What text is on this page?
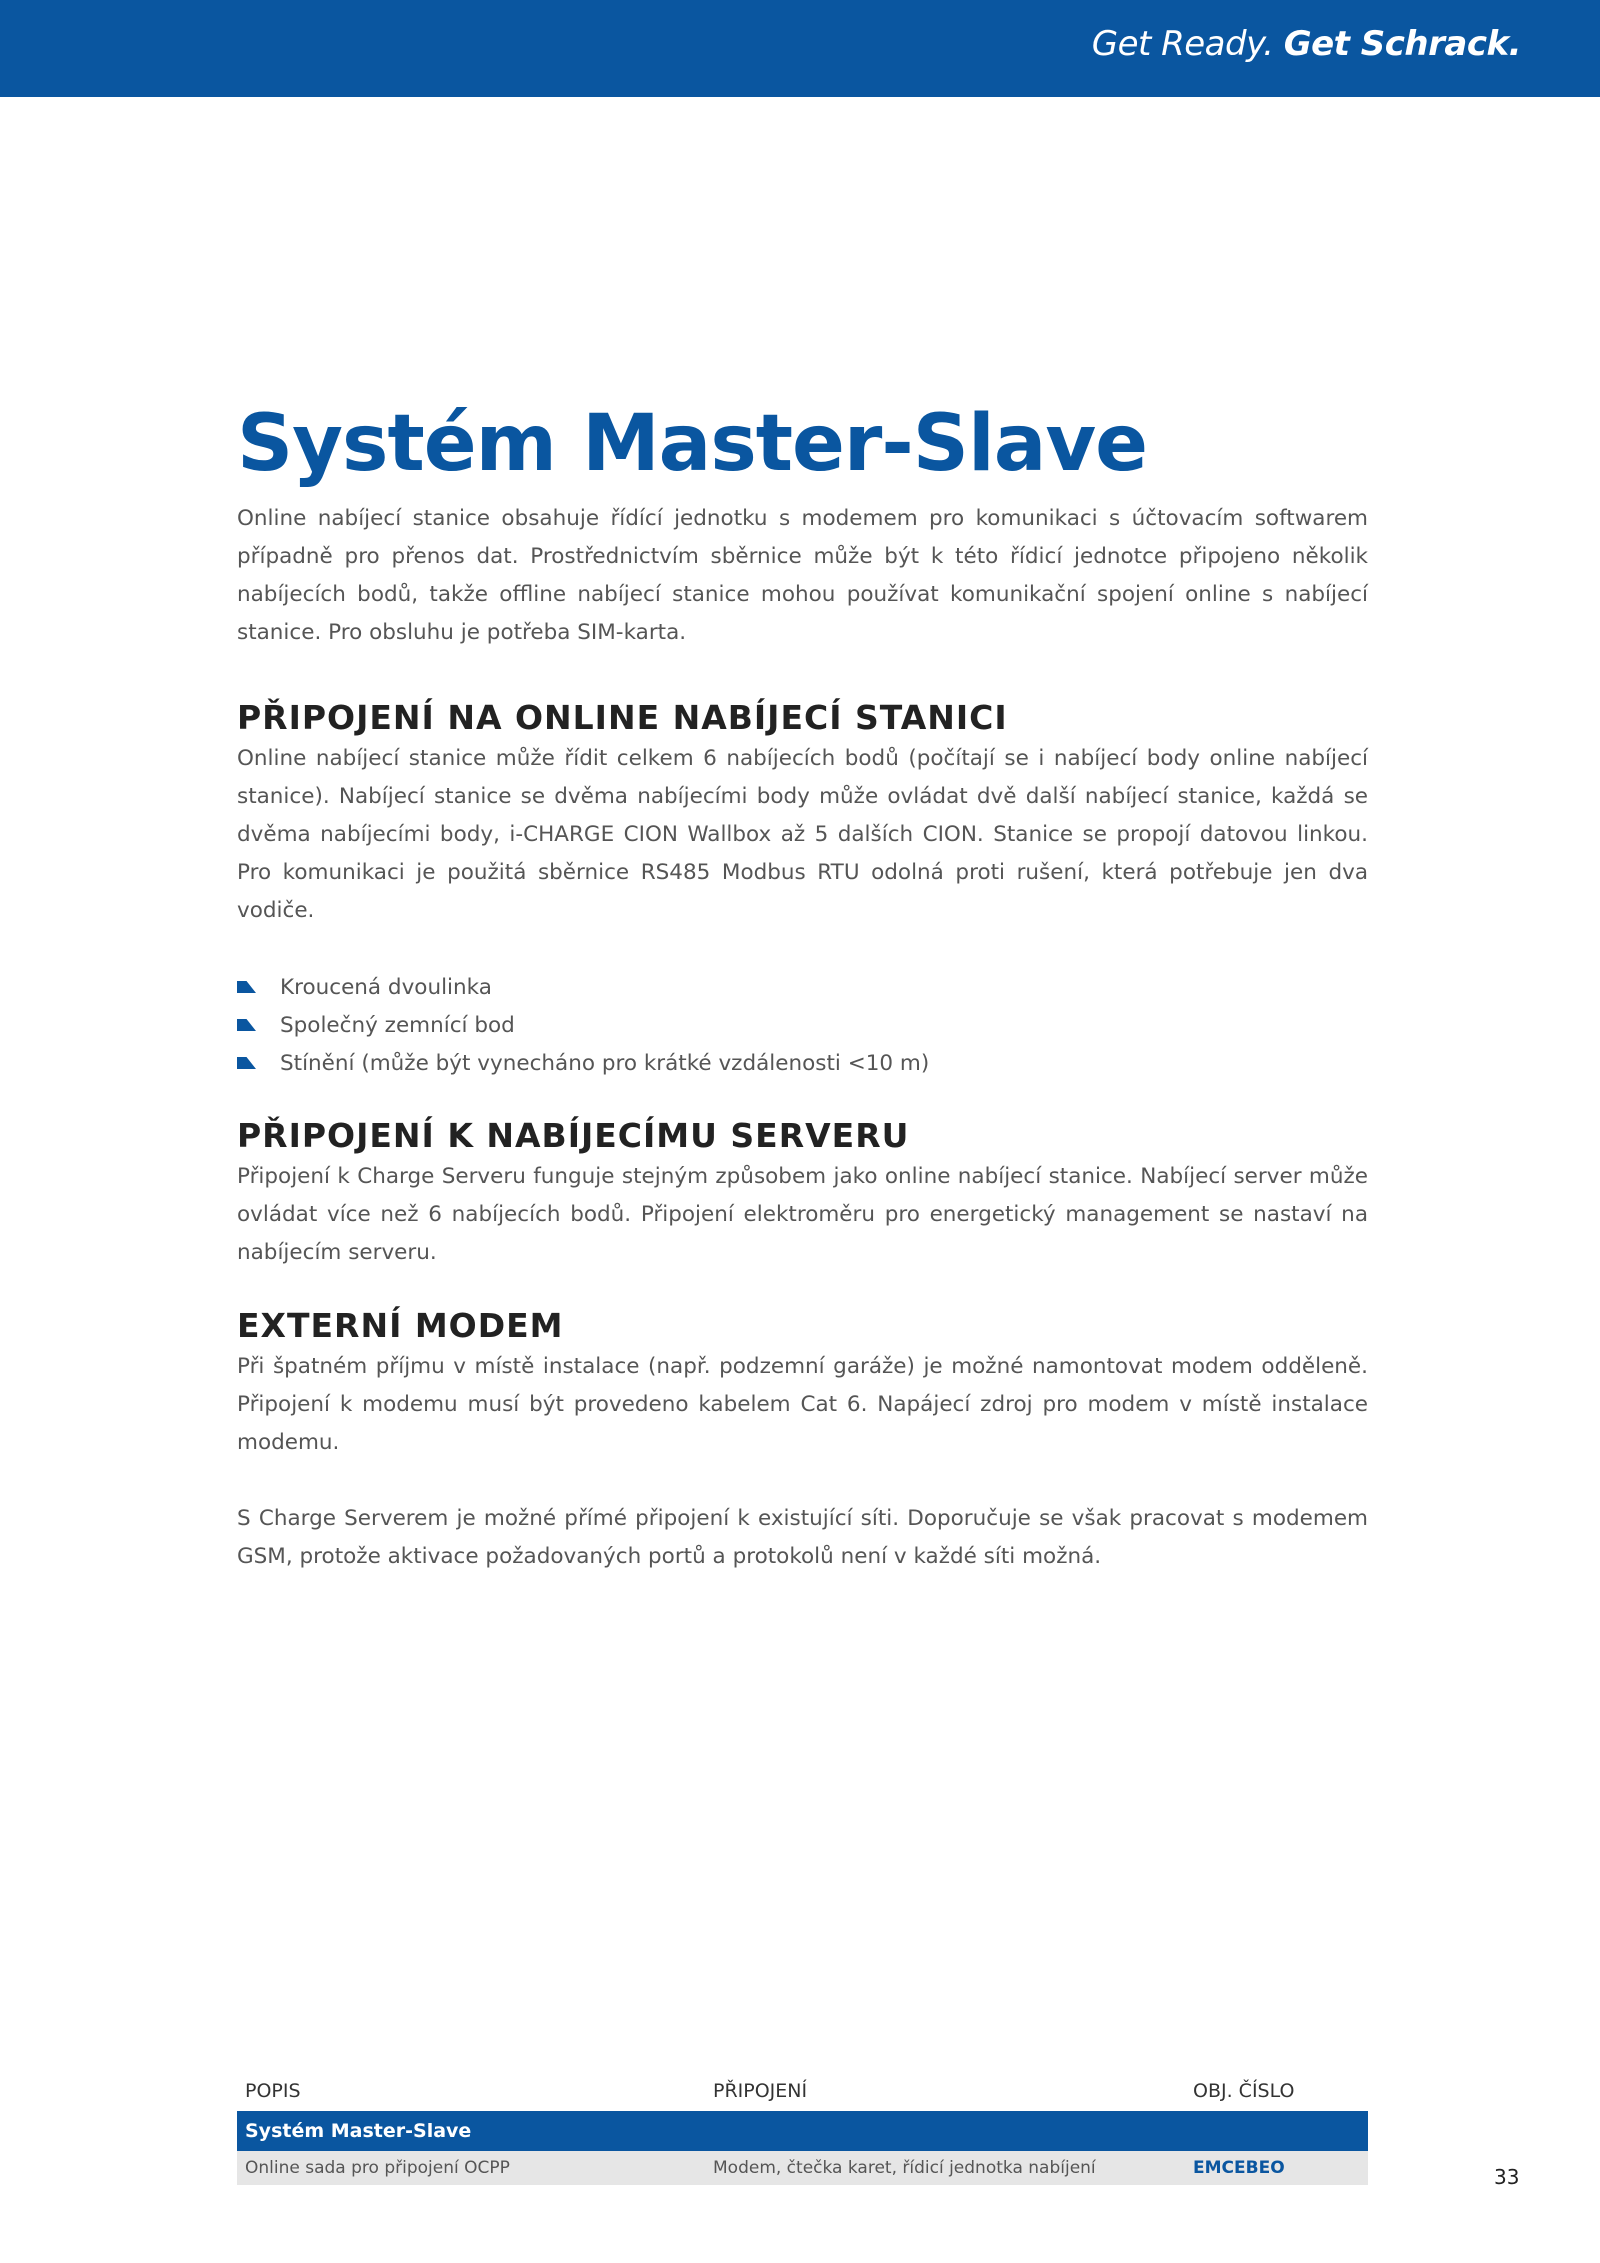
Get Ready. Get Schrack.
Systém Master-Slave

Online nabíjecí stanice obsahuje řídící jednotku s modemem pro komunikaci s účtovacím softwarem případně pro přenos dat. Prostřednictvím sběrnice může být k této řídicí jednotce připojeno několik nabíjecích bodů, takže offline nabíjecí stanice mohou používat komunikační spojení online s nabíjecí stanice. Pro obsluhu je potřeba SIM-karta.

PŘIPOJENÍ NA ONLINE NABÍJECÍ STANICI

Online nabíjecí stanice může řídit celkem 6 nabíjecích bodů (počítají se i nabíjecí body online nabíjecí stanice). Nabíjecí stanice se dvěma nabíjecími body může ovládat dvě další nabíjecí stanice, každá se dvěma nabíjecími body, i-CHARGE CION Wallbox až 5 dalších CION. Stanice se propojí datovou linkou. Pro komunikaci je použitá sběrnice RS485 Modbus RTU odolná proti rušení, která potřebuje jen dva vodiče.

Kroucená dvoulinka
Společný zemnící bod
Stínění (může být vynecháno pro krátké vzdálenosti <10 m)
PŘIPOJENÍ K NABÍJECÍMU SERVERU

Připojení k Charge Serveru funguje stejným způsobem jako online nabíjecí stanice. Nabíjecí server může ovládat více než 6 nabíjecích bodů. Připojení elektroměru pro energetický management se nastaví na nabíjecím serveru.

EXTERNÍ MODEM

Při špatném příjmu v místě instalace (např. podzemní garáže) je možné namontovat modem odděleně. Připojení k modemu musí být provedeno kabelem Cat 6. Napájecí zdroj pro modem v místě instalace modemu.

S Charge Serverem je možné přímé připojení k existující síti. Doporučuje se však pracovat s modemem GSM, protože aktivace požadovaných portů a protokolů není v každé síti možná.

POPIS	PŘIPOJENÍ	OBJ. ČÍSLO
Systém Master-Slave
Online sada pro připojení OCPP	Modem, čtečka karet, řídicí jednotka nabíjení	EMCEBEO	33
